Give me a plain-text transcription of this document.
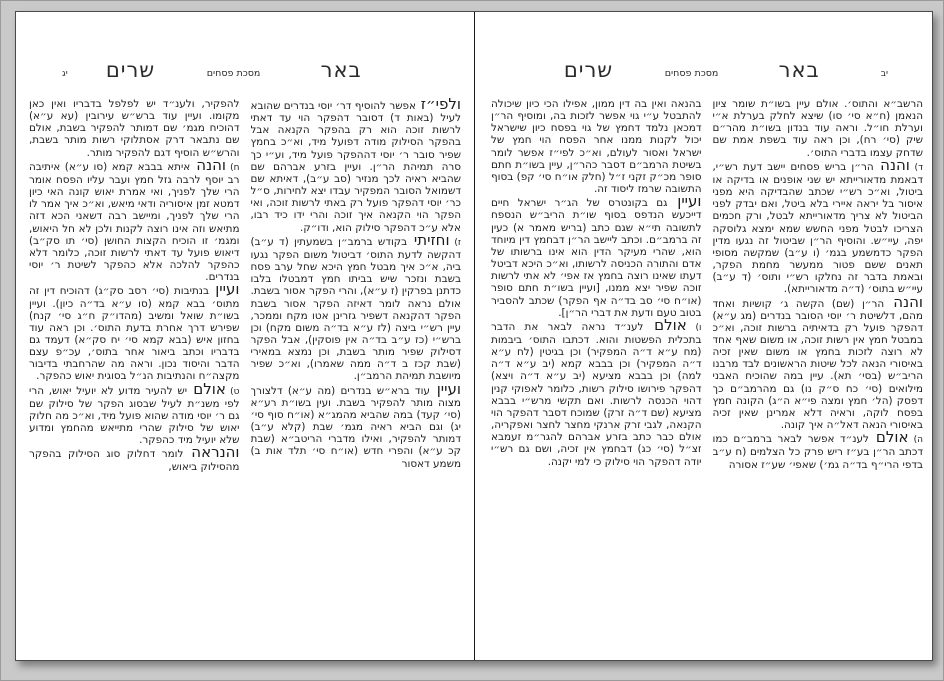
באר
מסכת פסחים
שרים
יג

ולפי״ז אפשר להוסיף דר׳ יוסי בנדרים שהובא לעיל (באות ד) דסובר דהפקר הוי עד דאתי לרשות זוכה הוא רק בהפקר הקנאה אבל בהפקר הסילוק מודה דפועל מיד, וא״כ בחמץ שפיר סובר ר׳ יוסי דההפקר פועל מיד, וע״י כך סרה תמיהת הר״ן. ועיין בזרע אברהם שם שהביא ראיה לכך מנזיר (סב ע״ב), דאיתא שם דשמואל הסובר המפקיר עבדו יצא לחירות, ס״ל כר׳ יוסי דהפקר פועל רק באתי לרשות זוכה, ואי הפקר הוי הקנאה איך זוכה והרי ידו כיד רבו, אלא ע״כ דהפקר סילוק הוא, ודו״ק.

ז) וחזיתי בקודש ברמב״ן בשמעתין (ד ע״ב) דהקשה לדעת התוס׳ דביטול משום הפקר נגעו ביה, א״כ איך מבטל חמץ היכא שחל ערב פסח בשבת ונזכר שיש בביתו חמץ דמבטלו בלבו כדתנן בפרקין (ז ע״א), והרי הפקר אסור בשבת. אולם נראה לומר דאיזה הפקר אסור בשבת הפקר דהקנאה דשפיר גזרינן אטו מקח וממכר, עיין רש״י ביצה (לז ע״א בד״ה משום מקח) וכן ברש״י (כז ע״ב בד״ה אין פוסקין), אבל הפקר דסילוק שפיר מותר בשבת, וכן נמצא במאירי (שבת קכז ב ד״ה ממה שאמרו), וא״כ שפיר מיושבת תמיהת הרמב״ן.

ועיין עוד ברא״ש בנדרים (מה ע״א) דלצורך מצוה מותר להפקיר בשבת. ועין בשו״ת רע״א (סי׳ קעד) במה שהביא מהמג״א (או״ח סוף סי׳ יג) וגם הביא ראיה מגמ׳ שבת (קלא ע״ב) דמותר להפקיר, ואילו מדברי הריטב״א (שבת קכ ע״א) והפרי חדש (או״ח סי׳ תלד אות ב) משמע דאסור

להפקיר, ולענ״ד יש לפלפל בדבריו ואין כאן מקומו. ועיין עוד ברש״ש עירובין (עא ע״א) דהוכיח מגמ׳ שם דמותר להפקיר בשבת, אולם שם נתבאר דרק אסתלוקי רשות מותר בשבת, והרש״ש הוסיף דגם להפקיר מותר.

ח) והנה איתא בבבא קמא (סו ע״א) איתיבה רב יוסף לרבה גזל חמץ ועבר עליו הפסח אומר הרי שלך לפניך, ואי אמרת יאוש קונה האי כיון דמטא זמן איסוריה ודאי מיאש, וא״כ איך אמר לו הרי שלך לפניך, ומיישב רבה דשאני הכא דזה מתיאש וזה אינו רוצה לקנות ולכן לא חל היאוש, ומגמ׳ זו הוכיח הקצות החושן (סי׳ תו סק״ב) דיאוש פועל עד דאתי לרשות זוכה, כלומר דלא כהפקר להלכה אלא כהפקר לשיטת ר׳ יוסי בנדרים.

ועיין בנתיבות (סי׳ רסב סק״ג) דהוכיח דין זה מתוס׳ בבא קמא (סו ע״א בד״ה כיון). ועיין בשו״ת שואל ומשיב (מהדו״ק ח״ג סי׳ קנח) שפירש דרך אחרת בדעת התוס׳. וכן ראה עוד בחזון איש (בבא קמא סי׳ יח סק״א) דעמד גם בדבריו וכתב ביאור אחר בתוס׳, עכ״פ עצם הדבר והיסוד נכון. וראה מה שהרחבתי בדיבור מקצה״ח והנתיבות הנ״ל בסוגית יאוש כהפקר.

ט) אולם יש להעיר מדוע לא יועיל יאוש, הרי לפי משנ״ת לעיל שבסוג הפקר של סילוק שם גם ר׳ יוסי מודה שהוא פועל מיד, וא״כ מה חלוק יאוש של סילוק שהרי מתייאש מהחמץ ומדוע שלא יועיל מיד כהפקר.

והנראה לומר דחלוק סוג הסילוק בהפקר מהסילוק ביאוש,

באר
מסכת פסחים
שרים	יב

הרשב״א והתוס׳. אולם עיין בשו״ת שומר ציון הנאמן (ח״א סי׳ סו) שיצא לחלק בערלת א״י וערלת חו״ל. וראה עוד בנדון בשו״ת מהר״ם שיק (סי׳ רח), וכן ראה עוד בשפת אמת שם שדחק עצמו בדברי התוס׳.

ד) והנה הר״ן בריש פסחים יישב דעת רש״י, דבאמת מדאורייתא יש שני אופנים או בדיקה או ביטול, וא״כ רש״י שכתב שהבדיקה היא מפני איסור בל יראה איירי בלא ביטל, ואם יבדק לפני הביטול לא צריך מדאורייתא לבטל, ורק חכמים הצריכו לבטל מפני החשש שמא ימצא גלוסקה יפה, עיי״ש. והוסיף הר״ן שביטול זה נגעו מדין הפקר כדמשמע בגמ׳ (ו ע״ב) שמקשה מסופי תאנים ששם פטור ממעשר מחמת הפקר, ובאמת בדבר זה נחלקו רש״י ותוס׳ (ד ע״ב) עיי״ש בתוס׳ (ד״ה מדאורייתא).

והנה הר״ן (שם) הקשה ג׳ קושיות ואחד מהם, דלשיטת ר׳ יוסי הסובר בנדרים (מג ע״א) דהפקר פועל רק בדאיתיה ברשות זוכה, וא״כ במבטל חמץ אין רשות זוכה, או משום שאף אחד לא רוצה לזכות בחמץ או משום שאין זכיה באיסורי הנאה לכל שיטות הראשונים לבד מרבנו הריב״ש (בסי׳ תא). עיין במה שהוכיח האבני מילואים (סי׳ כח ס״ק נו) גם מהרמב״ם כך דפסק (הל׳ חמץ ומצה פי״א ה״ג) הקונה חמץ בפסח לוקה, וראיה דלא אמרינן שאין זכיה באיסורי הנאה דאל״ה איך קונה.

ה) אולם לענ״ד אפשר לבאר ברמב״ם כמו דכתב הר״ן בע״ז ריש פרק כל הצלמים (ח ע״ב בדפי הרי״ף בד״ה גמ׳) שאפי׳ שע״ז אסורה

בהנאה ואין בה דין ממון, אפילו הכי כיון שיכולה להתבטל ע״י גוי אפשר לזכות בה, ומוסיף הר״ן דמכאן נלמד דחמץ של גוי בפסח כיון שישראל יכול לקנות ממנו אחר הפסח הוי חמץ של ישראל ואסור לעולם, וא״כ לפי״ז אפשר לומר בשיטת הרמב״ם דסבר כהר״ן, עיין בשו״ת חתם סופר מכ״ק זקני ז״ל (חלק או״ח סי׳ קפ) בסוף התשובה שרמז ליסוד זה.

ועיין גם בקונטרס של הג״ר ישראל חיים דייכעש הנדפס בסוף שו״ת הריב״ש הנספח לתשובה תי״א שגם כתב (בריש מאמר א) כעין זה ברמב״ם. וכתב ליישב הר״ן דבחמץ דין מיוחד הוא, שהרי מעיקר הדין הוא אינו ברשותו של אדם והתורה הכניסה לרשותו, וא״כ היכא דביטל דעתו שאינו רוצה בחמץ אז אפי׳ לא אתי לרשות זוכה שפיר יצא ממנו, [ועיין בשו״ת חתם סופר (או״ח סי׳ סב בד״ה אף הפקר) שכתב להסביר בטוב טעם ודעת את דברי הר״ן].

ו) אולם לענ״ד נראה לבאר את הדבר בתכלית הפשטות והוא. דכתבו התוס׳ ביבמות (מח ע״א ד״ה המפקיר) וכן בגיטין (לח ע״א ד״ה המפקיר) וכן בבבא קמא (יב ע״א ד״ה למה) וכן בבבא מציעא (יב ע״א ד״ה ויצא) דהפקר פירושו סילוק רשות, כלומר לאפוקי קנין דהוי הכנסה לרשות. ואם תקשי מרש״י בבבא מציעא (שם ד״ה זרק) שמוכח דסבר דהפקר הוי הקנאה, לגבי זרק ארנקי מחצר לחצר ואפקריה, אולם כבר כתב בזרע אברהם להגר״מ זעמבא זצ״ל (סי׳ כג) דבחמץ אין זכיה, ושם גם רש״י יודה דהפקר הוי סילוק כי למי יקנה.
